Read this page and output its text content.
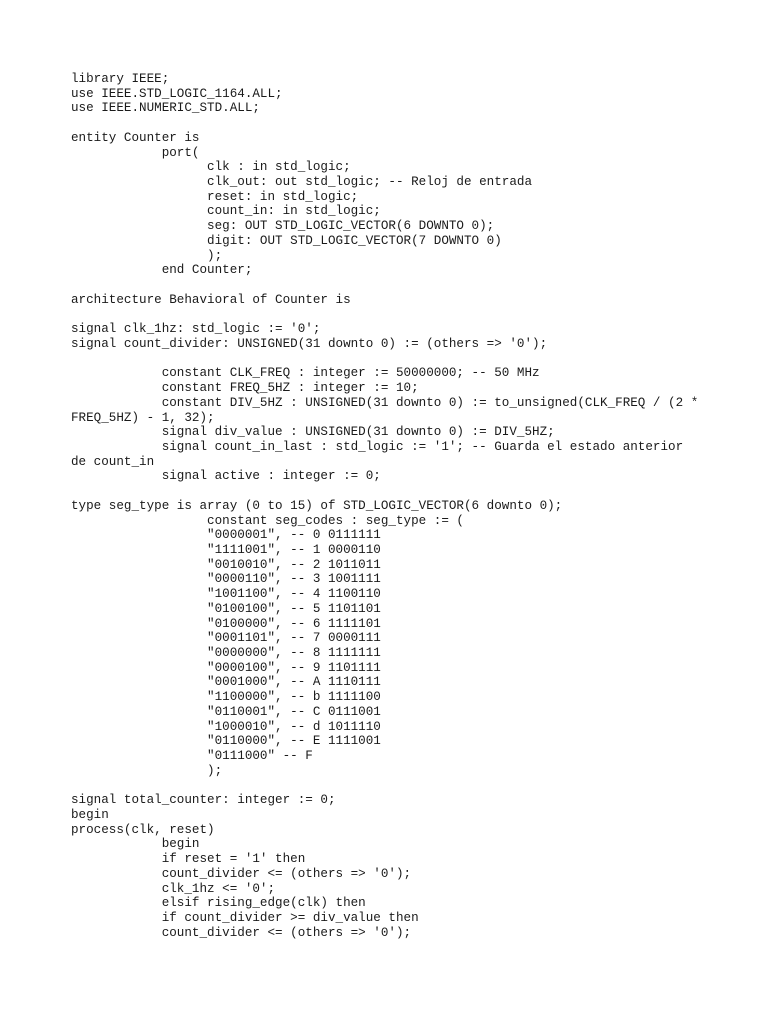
library IEEE;
use IEEE.STD_LOGIC_1164.ALL;
use IEEE.NUMERIC_STD.ALL;
entity Counter is
port(
clk : in std_logic;
clk_out: out std_logic; -- Reloj de entrada
reset: in std_logic;
count_in: in std_logic;
seg: OUT STD_LOGIC_VECTOR(6 DOWNTO 0);
digit: OUT STD_LOGIC_VECTOR(7 DOWNTO 0)
);
end Counter;
architecture Behavioral of Counter is
signal clk_1hz: std_logic := '0';
signal count_divider: UNSIGNED(31 downto 0) := (others => '0');
constant CLK_FREQ : integer := 50000000; -- 50 MHz
constant FREQ_5HZ : integer := 10;
constant DIV_5HZ : UNSIGNED(31 downto 0) := to_unsigned(CLK_FREQ / (2 *
FREQ_5HZ) - 1, 32);
signal div_value : UNSIGNED(31 downto 0) := DIV_5HZ;
signal count_in_last : std_logic := '1'; -- Guarda el estado anterior
de count_in
signal active : integer := 0;
type seg_type is array (0 to 15) of STD_LOGIC_VECTOR(6 downto 0);
constant seg_codes : seg_type := (
"0000001", -- 0 0111111
"1111001", -- 1 0000110
"0010010", -- 2 1011011
"0000110", -- 3 1001111
"1001100", -- 4 1100110
"0100100", -- 5 1101101
"0100000", -- 6 1111101
"0001101", -- 7 0000111
"0000000", -- 8 1111111
"0000100", -- 9 1101111
"0001000", -- A 1110111
"1100000", -- b 1111100
"0110001", -- C 0111001
"1000010", -- d 1011110
"0110000", -- E 1111001
"0111000" -- F
);
signal total_counter: integer := 0;
begin
process(clk, reset)
begin
if reset = '1' then
count_divider <= (others => '0');
clk_1hz <= '0';
elsif rising_edge(clk) then
if count_divider >= div_value then
count_divider <= (others => '0');
